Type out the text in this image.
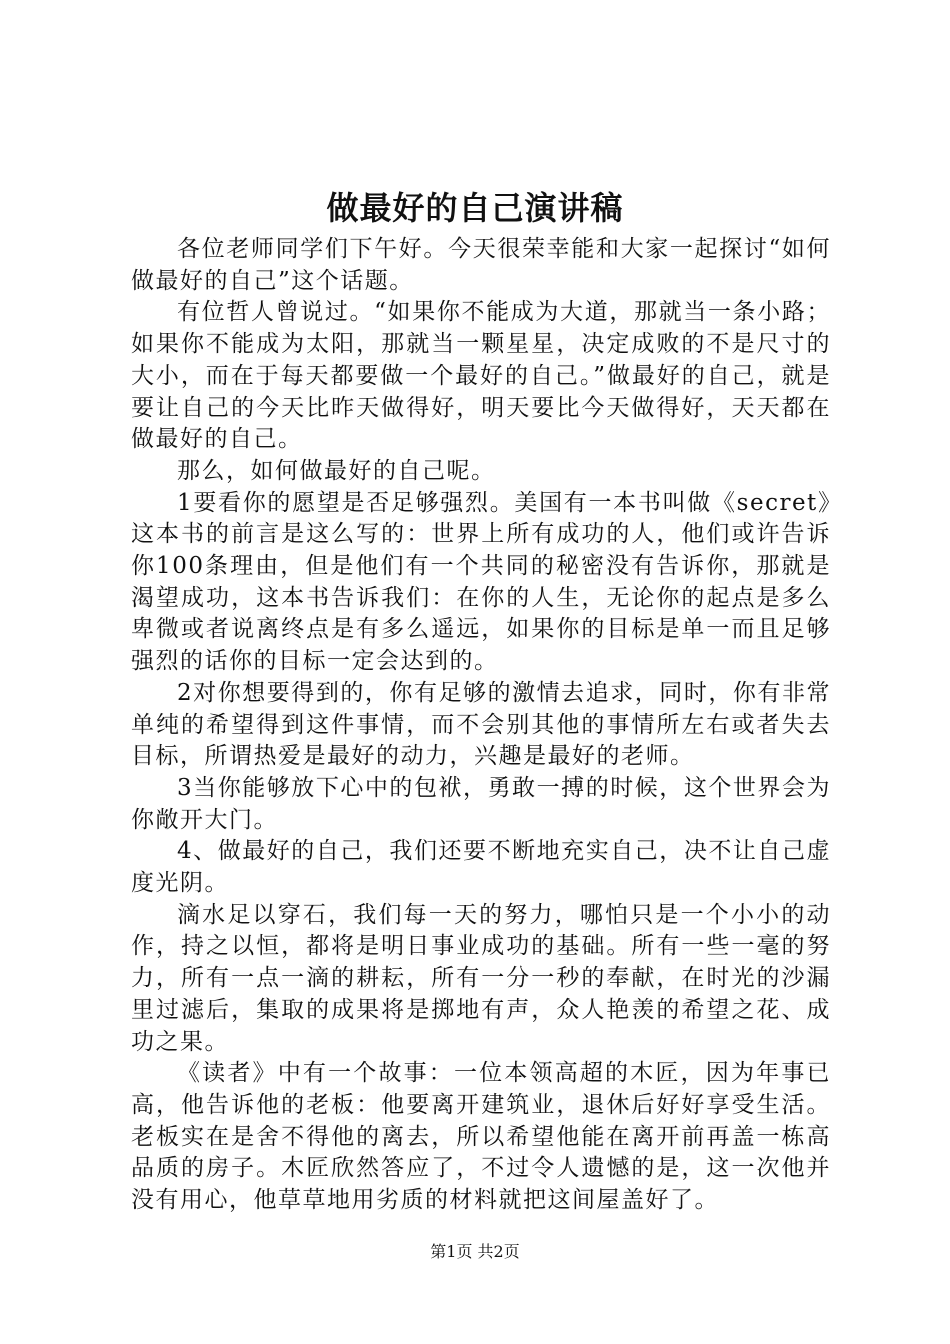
做最好的自己演讲稿

各位老师同学们下午好。今天很荣幸能和大家一起探讨“如何做最好的自己”这个话题。

有位哲人曾说过。“如果你不能成为大道，那就当一条小路；如果你不能成为太阳，那就当一颗星星，决定成败的不是尺寸的大小，而在于每天都要做一个最好的自己。”做最好的自己，就是要让自己的今天比昨天做得好，明天要比今天做得好，天天都在做最好的自己。

那么，如何做最好的自己呢。

1要看你的愿望是否足够强烈。美国有一本书叫做《secret》这本书的前言是这么写的：世界上所有成功的人，他们或许告诉你100条理由，但是他们有一个共同的秘密没有告诉你，那就是渴望成功，这本书告诉我们：在你的人生，无论你的起点是多么卑微或者说离终点是有多么遥远，如果你的目标是单一而且足够强烈的话你的目标一定会达到的。

2对你想要得到的，你有足够的激情去追求，同时，你有非常单纯的希望得到这件事情，而不会别其他的事情所左右或者失去目标，所谓热爱是最好的动力，兴趣是最好的老师。

3当你能够放下心中的包袱，勇敢一搏的时候，这个世界会为你敞开大门。

4、做最好的自己，我们还要不断地充实自己，决不让自己虚度光阴。

滴水足以穿石，我们每一天的努力，哪怕只是一个小小的动作，持之以恒，都将是明日事业成功的基础。所有一些一毫的努力，所有一点一滴的耕耘，所有一分一秒的奉献，在时光的沙漏里过滤后，集取的成果将是掷地有声，众人艳羡的希望之花、成功之果。

《读者》中有一个故事：一位本领高超的木匠，因为年事已高，他告诉他的老板：他要离开建筑业，退休后好好享受生活。老板实在是舍不得他的离去，所以希望他能在离开前再盖一栋高品质的房子。木匠欣然答应了，不过令人遗憾的是，这一次他并没有用心，他草草地用劣质的材料就把这间屋盖好了。

第1页 共2页
